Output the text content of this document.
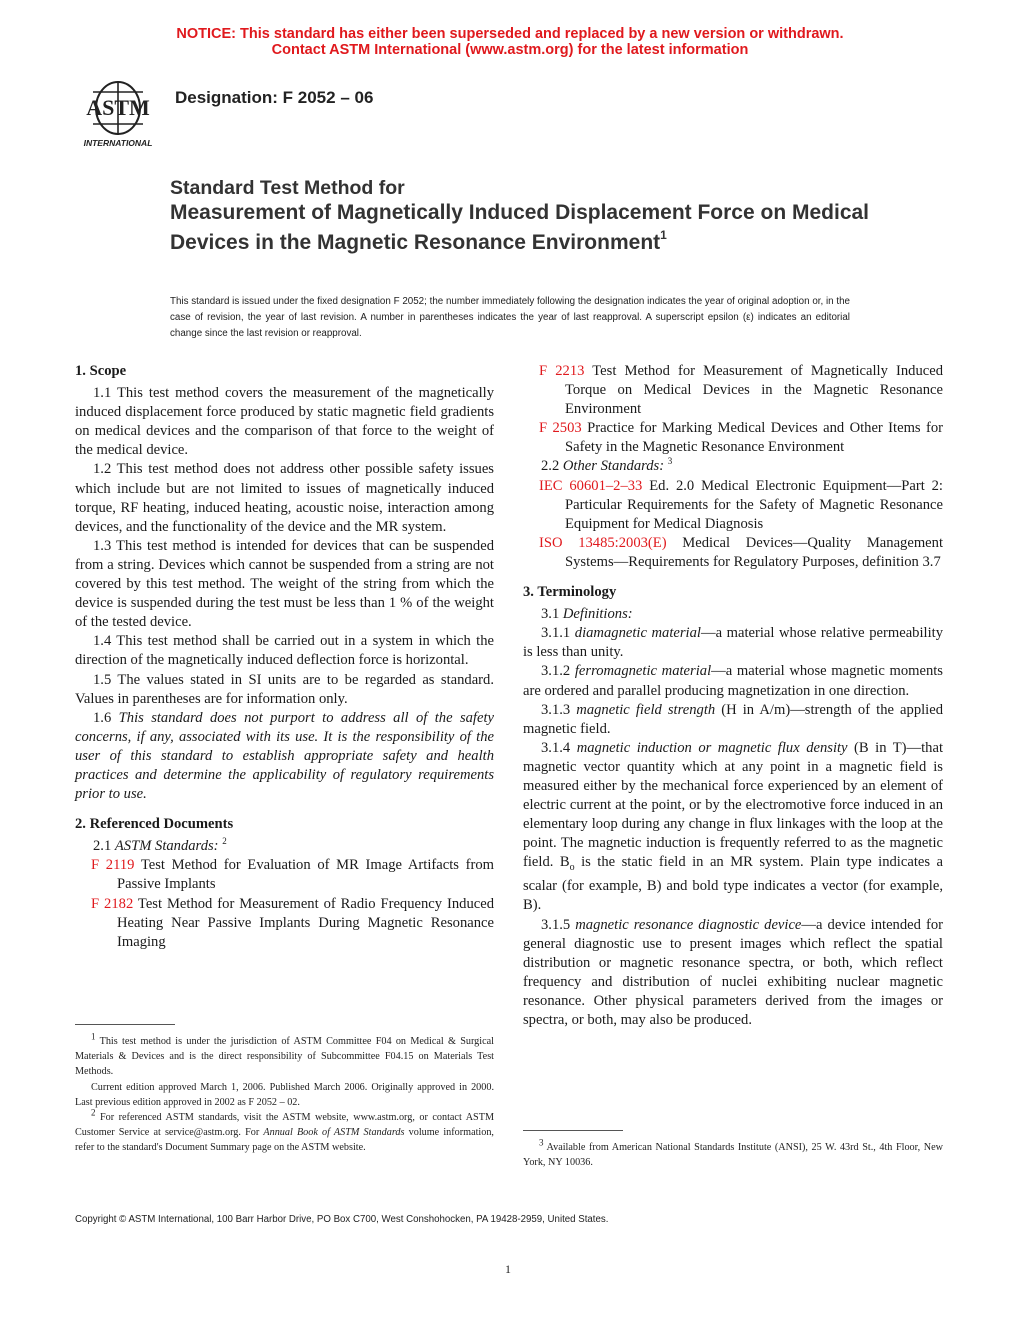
NOTICE: This standard has either been superseded and replaced by a new version or withdrawn.
Contact ASTM International (www.astm.org) for the latest information
ASTM
INTERNATIONAL
Designation: F 2052 – 06
Standard Test Method for
Measurement of Magnetically Induced Displacement Force on Medical Devices in the Magnetic Resonance Environment$^1$
This standard is issued under the fixed designation F 2052; the number immediately following the designation indicates the year of original adoption or, in the case of revision, the year of last revision. A number in parentheses indicates the year of last reapproval. A superscript epsilon (ε) indicates an editorial change since the last revision or reapproval.
1. Scope
1.1 This test method covers the measurement of the magnetically induced displacement force produced by static magnetic field gradients on medical devices and the comparison of that force to the weight of the medical device.
1.2 This test method does not address other possible safety issues which include but are not limited to issues of magnetically induced torque, RF heating, induced heating, acoustic noise, interaction among devices, and the functionality of the device and the MR system.
1.3 This test method is intended for devices that can be suspended from a string. Devices which cannot be suspended from a string are not covered by this test method. The weight of the string from which the device is suspended during the test must be less than 1 % of the weight of the tested device.
1.4 This test method shall be carried out in a system in which the direction of the magnetically induced deflection force is horizontal.
1.5 The values stated in SI units are to be regarded as standard. Values in parentheses are for information only.
1.6 This standard does not purport to address all of the safety concerns, if any, associated with its use. It is the responsibility of the user of this standard to establish appropriate safety and health practices and determine the applicability of regulatory requirements prior to use.
2. Referenced Documents
2.1 ASTM Standards: $^2$
F 2119 Test Method for Evaluation of MR Image Artifacts from Passive Implants
F 2182 Test Method for Measurement of Radio Frequency Induced Heating Near Passive Implants During Magnetic Resonance Imaging
F 2213 Test Method for Measurement of Magnetically Induced Torque on Medical Devices in the Magnetic Resonance Environment
F 2503 Practice for Marking Medical Devices and Other Items for Safety in the Magnetic Resonance Environment
2.2 Other Standards: $^3$
IEC 60601–2–33 Ed. 2.0 Medical Electronic Equipment—Part 2: Particular Requirements for the Safety of Magnetic Resonance Equipment for Medical Diagnosis
ISO 13485:2003(E) Medical Devices—Quality Management Systems—Requirements for Regulatory Purposes, definition 3.7
3. Terminology
3.1 Definitions:
3.1.1 diamagnetic material—a material whose relative permeability is less than unity.
3.1.2 ferromagnetic material—a material whose magnetic moments are ordered and parallel producing magnetization in one direction.
3.1.3 magnetic field strength (H in A/m)—strength of the applied magnetic field.
3.1.4 magnetic induction or magnetic flux density (B in T)—that magnetic vector quantity which at any point in a magnetic field is measured either by the mechanical force experienced by an element of electric current at the point, or by the electromotive force induced in an elementary loop during any change in flux linkages with the loop at the point. The magnetic induction is frequently referred to as the magnetic field. $B_o$ is the static field in an MR system. Plain type indicates a scalar (for example, B) and bold type indicates a vector (for example, B).
3.1.5 magnetic resonance diagnostic device—a device intended for general diagnostic use to present images which reflect the spatial distribution or magnetic resonance spectra, or both, which reflect frequency and distribution of nuclei exhibiting nuclear magnetic resonance. Other physical parameters derived from the images or spectra, or both, may also be produced.
1 This test method is under the jurisdiction of ASTM Committee F04 on Medical & Surgical Materials & Devices and is the direct responsibility of Subcommittee F04.15 on Materials Test Methods.
Current edition approved March 1, 2006. Published March 2006. Originally approved in 2000. Last previous edition approved in 2002 as F 2052 – 02.
2 For referenced ASTM standards, visit the ASTM website, www.astm.org, or contact ASTM Customer Service at service@astm.org. For Annual Book of ASTM Standards volume information, refer to the standard's Document Summary page on the ASTM website.	3 Available from American National Standards Institute (ANSI), 25 W. 43rd St., 4th Floor, New York, NY 10036.
Copyright © ASTM International, 100 Barr Harbor Drive, PO Box C700, West Conshohocken, PA 19428-2959, United States.
1
